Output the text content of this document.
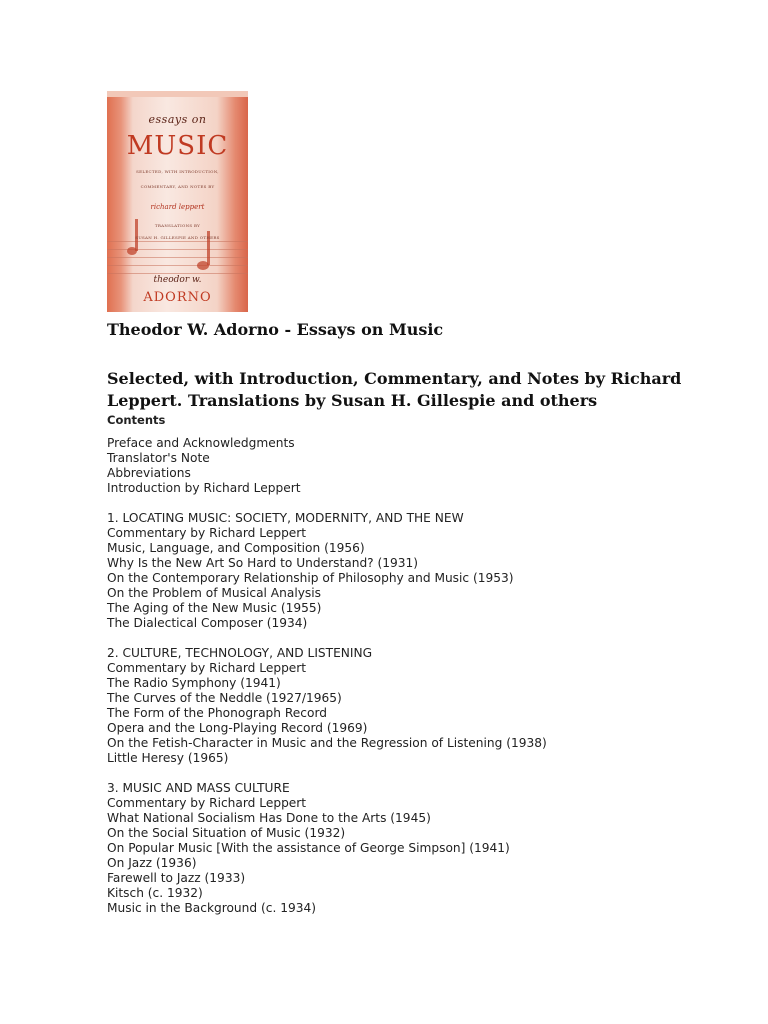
essays on
MUSIC
SELECTED, WITH INTRODUCTION,
COMMENTARY, AND NOTES BY
richard leppert
TRANSLATIONS BY
SUSAN H. GILLESPIE AND OTHERS
theodor w.
ADORNO
Theodor W. Adorno - Essays on Music
Selected, with Introduction, Commentary, and Notes by Richard Leppert. Translations by Susan H. Gillespie and others
Contents
Preface and Acknowledgments
Translator's Note
Abbreviations
Introduction by Richard Leppert
1. LOCATING MUSIC: SOCIETY, MODERNITY, AND THE NEW
Commentary by Richard Leppert
Music, Language, and Composition (1956)
Why Is the New Art So Hard to Understand? (1931)
On the Contemporary Relationship of Philosophy and Music (1953)
On the Problem of Musical Analysis
The Aging of the New Music (1955)
The Dialectical Composer (1934)
2. CULTURE, TECHNOLOGY, AND LISTENING
Commentary by Richard Leppert
The Radio Symphony (1941)
The Curves of the Neddle (1927/1965)
The Form of the Phonograph Record
Opera and the Long-Playing Record (1969)
On the Fetish-Character in Music and the Regression of Listening (1938)
Little Heresy (1965)
3. MUSIC AND MASS CULTURE
Commentary by Richard Leppert
What National Socialism Has Done to the Arts (1945)
On the Social Situation of Music (1932)
On Popular Music [With the assistance of George Simpson] (1941)
On Jazz (1936)
Farewell to Jazz (1933)
Kitsch (c. 1932)
Music in the Background (c. 1934)
